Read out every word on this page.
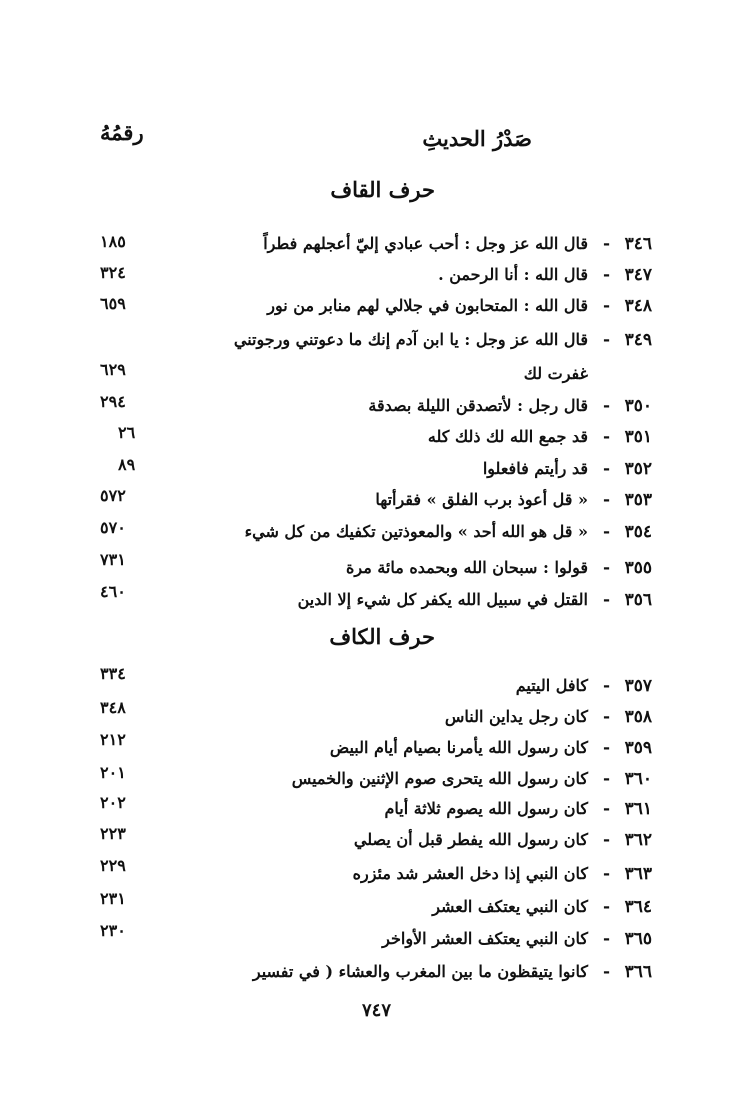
صَدْرُ الحديثِ
رقمُهُ
حرف القاف
٣٤٦
-
قال الله عز وجل : أحب عبادي إليّ أعجلهم فطراً
١٨٥
٣٤٧
-
قال الله : أنا الرحمن .
٣٢٤
٣٤٨
-
قال الله : المتحابون في جلالي لهم منابر من نور
٦٥٩
٣٤٩
-
قال الله عز وجل : يا ابن آدم إنك ما دعوتني ورجوتني
غفرت لك
٦٢٩
٣٥٠
-
قال رجل : لأتصدقن الليلة بصدقة
٢٩٤
٣٥١
-
قد جمع الله لك ذلك كله
٢٦
٣٥٢
-
قد رأيتم فافعلوا
٨٩
٣٥٣
-
« قل أعوذ برب الفلق » فقرأتها
٥٧٢
٣٥٤
-
« قل هو الله أحد » والمعوذتين تكفيك من كل شيء
٥٧٠
٣٥٥
-
قولوا : سبحان الله وبحمده مائة مرة
٧٣١
٣٥٦
-
القتل في سبيل الله يكفر كل شيء إلا الدين
٤٦٠
حرف الكاف
٣٥٧
-
كافل اليتيم
٣٣٤
٣٥٨
-
كان رجل يداين الناس
٣٤٨
٣٥٩
-
كان رسول الله يأمرنا بصيام أيام البيض
٢١٢
٣٦٠
-
كان رسول الله يتحرى صوم الإثنين والخميس
٢٠١
٣٦١
-
كان رسول الله يصوم ثلاثة أيام
٢٠٢
٣٦٢
-
كان رسول الله يفطر قبل أن يصلي
٢٢٣
٣٦٣
-
كان النبي إذا دخل العشر شد مئزره
٢٢٩
٣٦٤
-
كان النبي يعتكف العشر
٢٣١
٣٦٥
-
كان النبي يعتكف العشر الأواخر
٢٣٠
٣٦٦
-
كانوا يتيقظون ما بين المغرب والعشاء ( في تفسير
٧٤٧
